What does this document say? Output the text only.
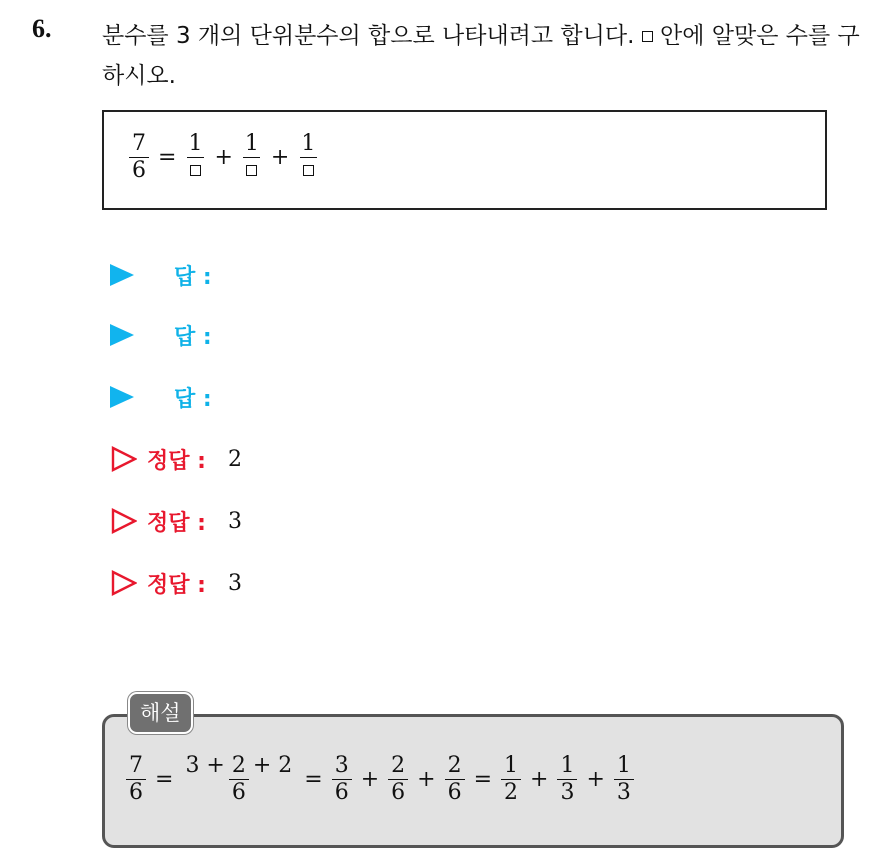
6. 분수를 3 개의 단위분수의 합으로 나타내려고 합니다.  안에 알맞은 수를 구하시오.
$\frac{7}{6}$ =
1
+
1
+
1
답 :
답 :
답 :
정답 : 2
정답 : 3
정답 : 3
$\frac{7}{6} = \frac{3 + 2 + 2}{6} = \frac{3}{6} + \frac{2}{6} + \frac{2}{6} = \frac{1}{2} + \frac{1}{3} + \frac{1}{3}$
해설
